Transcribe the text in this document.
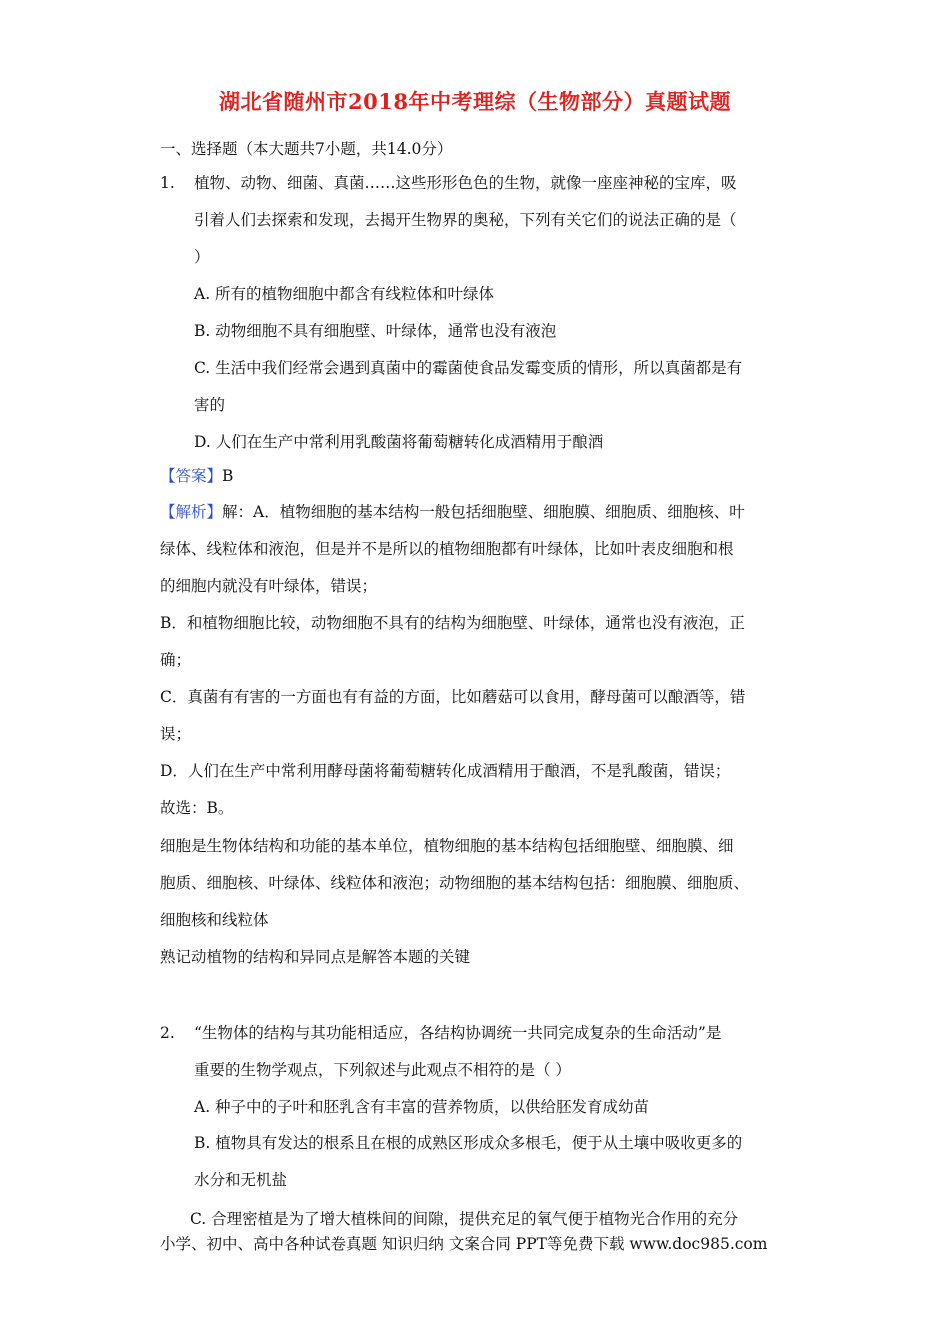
湖北省随州市2018年中考理综（生物部分）真题试题
一、选择题（本大题共7小题，共14.0分）
1. 植物、动物、细菌、真菌……这些形形色色的生物，就像一座座神秘的宝库，吸
引着人们去探索和发现，去揭开生物界的奥秘，下列有关它们的说法正确的是（
）
A. 所有的植物细胞中都含有线粒体和叶绿体
B. 动物细胞不具有细胞壁、叶绿体，通常也没有液泡
C. 生活中我们经常会遇到真菌中的霉菌使食品发霉变质的情形，所以真菌都是有
害的
D. 人们在生产中常利用乳酸菌将葡萄糖转化成酒精用于酿酒
【答案】B
【解析】解：A．植物细胞的基本结构一般包括细胞壁、细胞膜、细胞质、细胞核、叶
绿体、线粒体和液泡，但是并不是所以的植物细胞都有叶绿体，比如叶表皮细胞和根
的细胞内就没有叶绿体，错误；
B．和植物细胞比较，动物细胞不具有的结构为细胞壁、叶绿体，通常也没有液泡，正
确；
C．真菌有有害的一方面也有有益的方面，比如蘑菇可以食用，酵母菌可以酿酒等，错
误；
D．人们在生产中常利用酵母菌将葡萄糖转化成酒精用于酿酒，不是乳酸菌，错误；
故选：B。
细胞是生物体结构和功能的基本单位，植物细胞的基本结构包括细胞壁、细胞膜、细
胞质、细胞核、叶绿体、线粒体和液泡；动物细胞的基本结构包括：细胞膜、细胞质、
细胞核和线粒体
熟记动植物的结构和异同点是解答本题的关键
2. “生物体的结构与其功能相适应，各结构协调统一共同完成复杂的生命活动”是
重要的生物学观点，下列叙述与此观点不相符的是（ ）
A. 种子中的子叶和胚乳含有丰富的营养物质，以供给胚发育成幼苗
B. 植物具有发达的根系且在根的成熟区形成众多根毛，便于从土壤中吸收更多的
水分和无机盐
C. 合理密植是为了增大植株间的间隙，提供充足的氧气便于植物光合作用的充分
小学、初中、高中各种试卷真题 知识归纳 文案合同 PPT等免费下载 www.doc985.com
